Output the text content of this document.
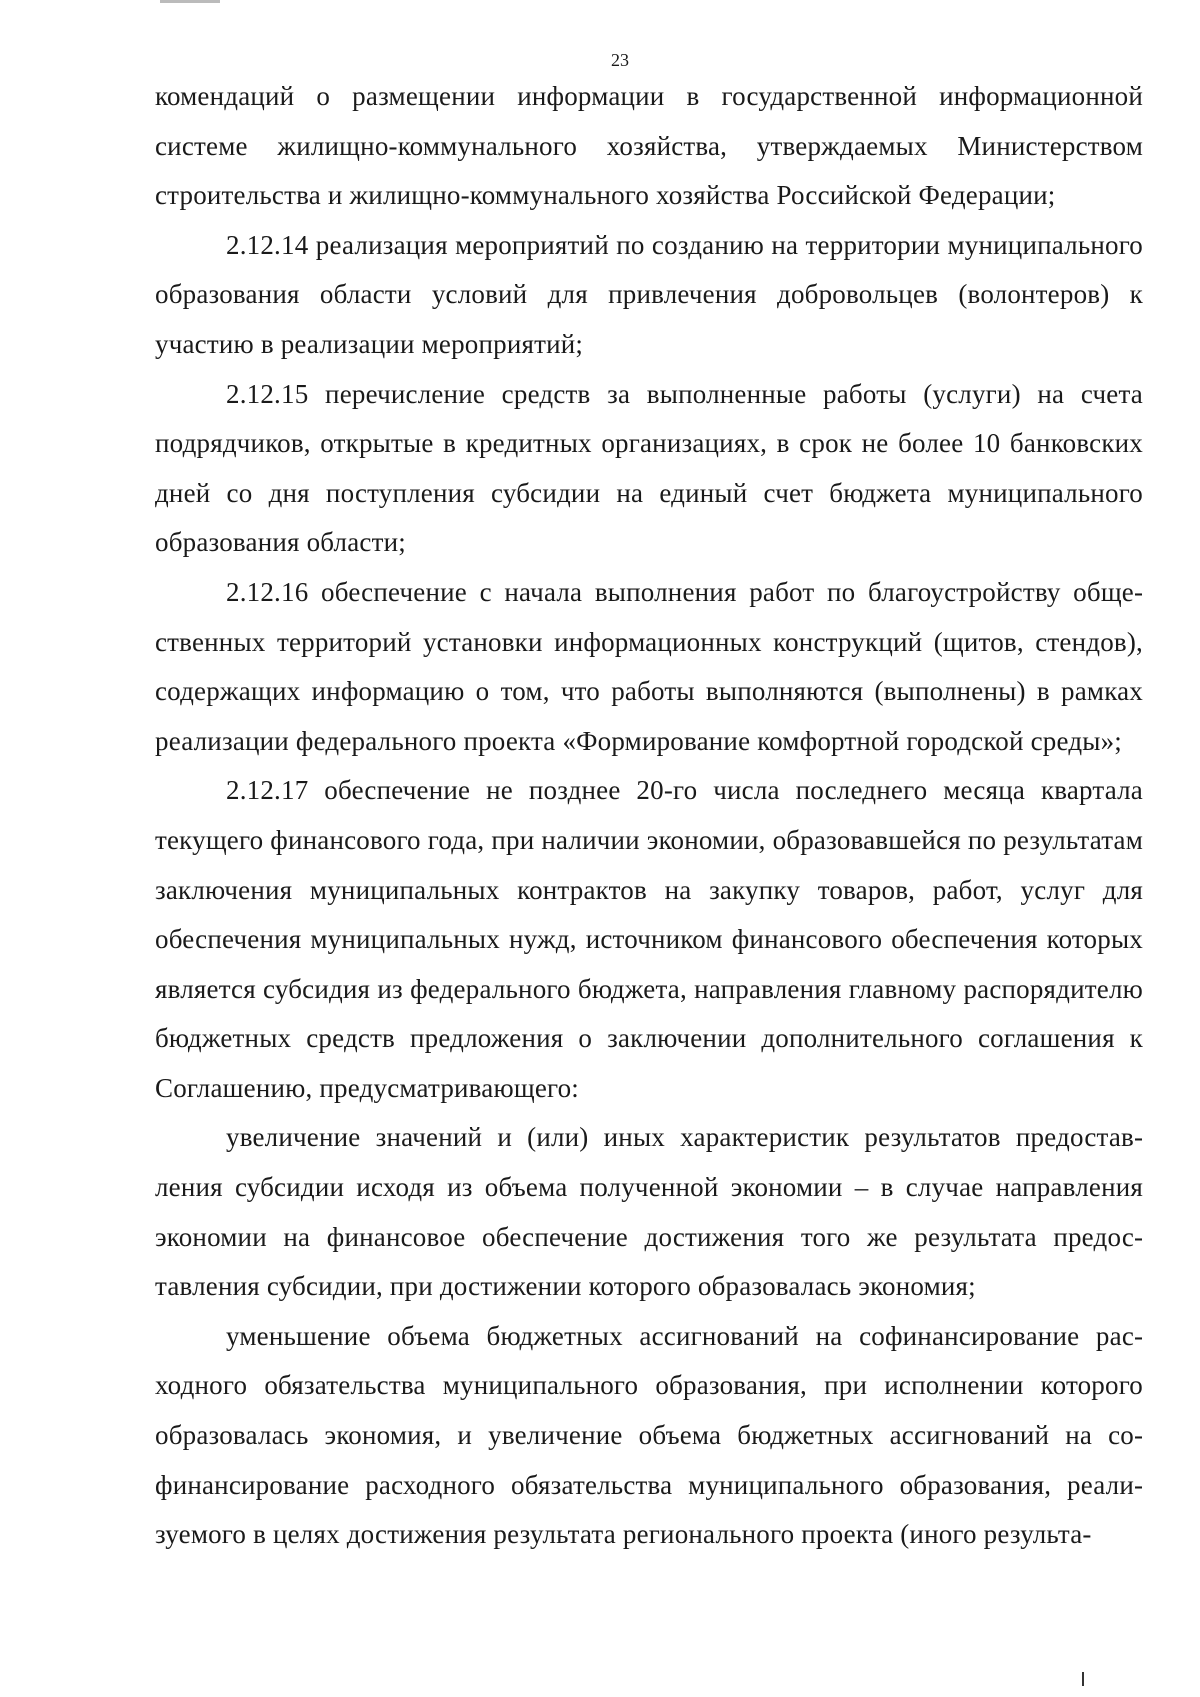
23

комендаций о размещении информации в государственной информационной системе жилищно-коммунального хозяйства, утверждаемых Министерством строительства и жилищно-коммунального хозяйства Российской Федерации;

2.12.14 реализация мероприятий по созданию на территории муниципального образования области условий для привлечения добровольцев (волонтеров) к участию в реализации мероприятий;

2.12.15 перечисление средств за выполненные работы (услуги) на счета подрядчиков, открытые в кредитных организациях, в срок не более 10 банковских дней со дня поступления субсидии на единый счет бюджета муниципального образования области;

2.12.16 обеспечение с начала выполнения работ по благоустройству общественных территорий установки информационных конструкций (щитов, стендов), содержащих информацию о том, что работы выполняются (выполнены) в рамках реализации федерального проекта «Формирование комфортной городской среды»;

2.12.17 обеспечение не позднее 20-го числа последнего месяца квартала текущего финансового года, при наличии экономии, образовавшейся по результатам заключения муниципальных контрактов на закупку товаров, работ, услуг для обеспечения муниципальных нужд, источником финансового обеспечения которых является субсидия из федерального бюджета, направления главному распорядителю бюджетных средств предложения о заключении дополнительного соглашения к Соглашению, предусматривающего:

увеличение значений и (или) иных характеристик результатов предоставления субсидии исходя из объема полученной экономии – в случае направления экономии на финансовое обеспечение достижения того же результата предоставления субсидии, при достижении которого образовалась экономия;

уменьшение объема бюджетных ассигнований на софинансирование расходного обязательства муниципального образования, при исполнении которого образовалась экономия, и увеличение объема бюджетных ассигнований на софинансирование расходного обязательства муниципального образования, реализуемого в целях достижения результата регионального проекта (иного результа-
